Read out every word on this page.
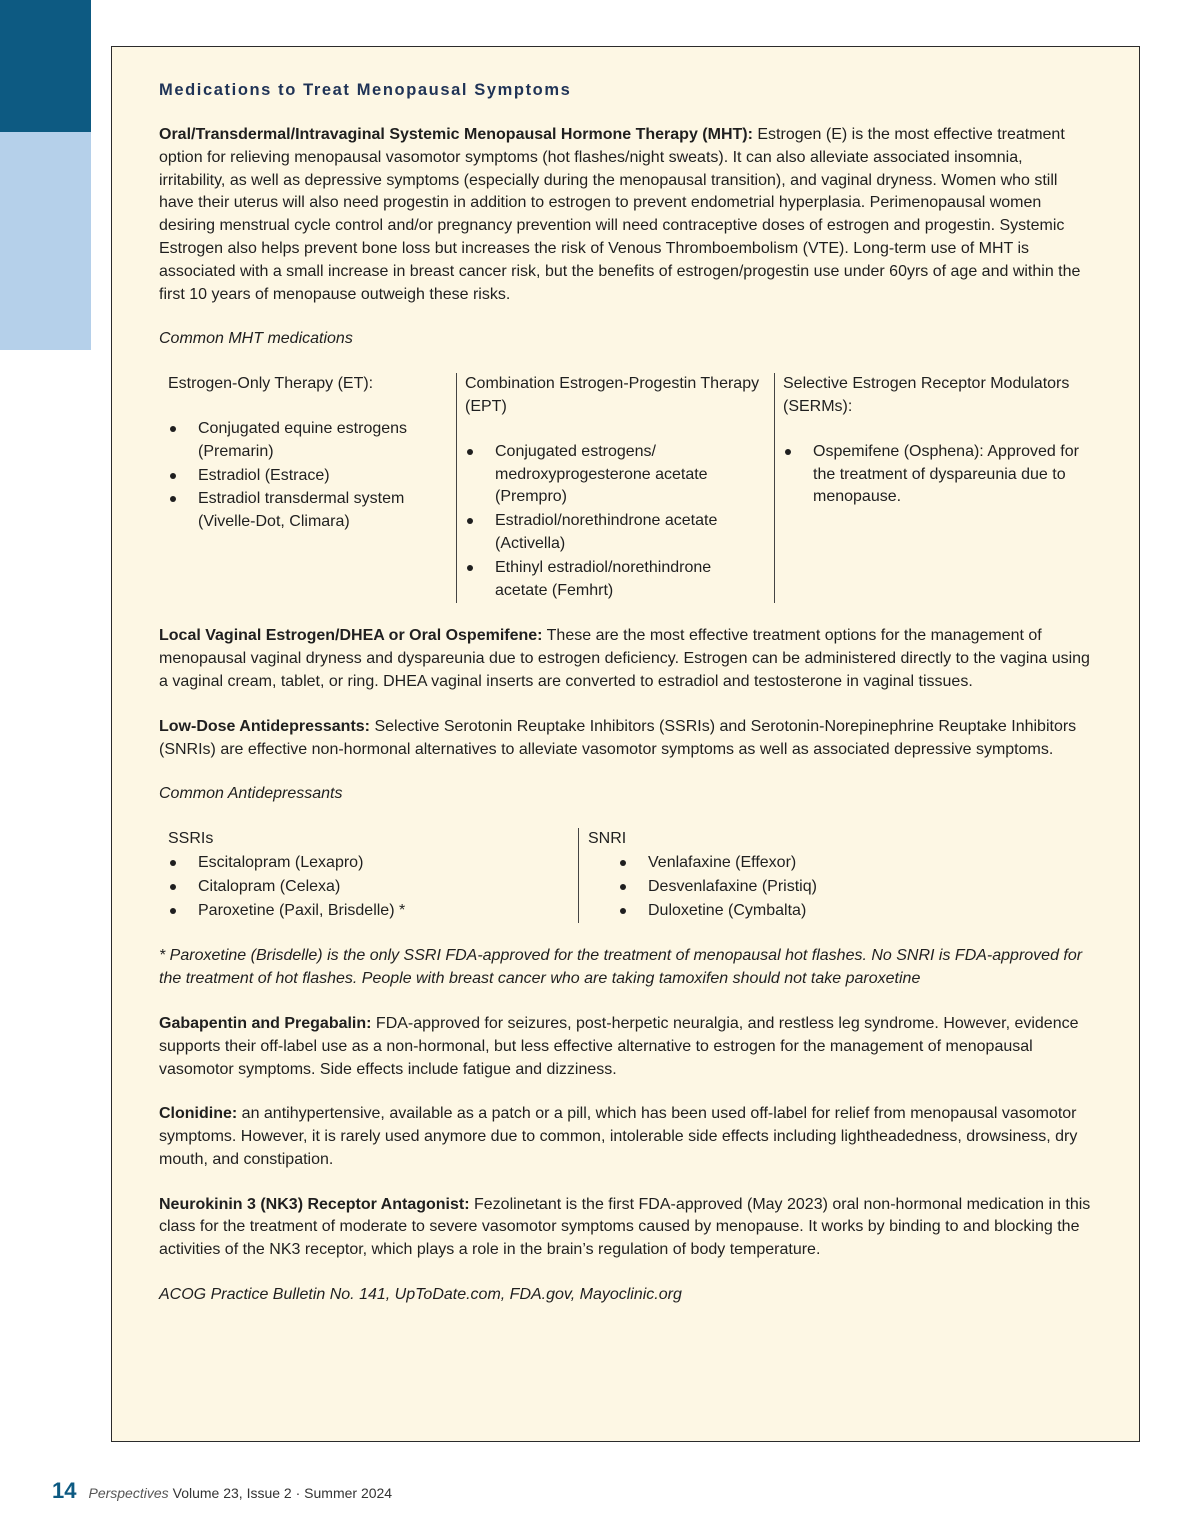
Medications to Treat Menopausal Symptoms

Oral/Transdermal/Intravaginal Systemic Menopausal Hormone Therapy (MHT): Estrogen (E) is the most effective treatment option for relieving menopausal vasomotor symptoms (hot flashes/night sweats). It can also alleviate associated insomnia, irritability, as well as depressive symptoms (especially during the menopausal transition), and vaginal dryness. Women who still have their uterus will also need progestin in addition to estrogen to prevent endometrial hyperplasia. Perimenopausal women desiring menstrual cycle control and/or pregnancy prevention will need contraceptive doses of estrogen and progestin. Systemic Estrogen also helps prevent bone loss but increases the risk of Venous Thromboembolism (VTE). Long-term use of MHT is associated with a small increase in breast cancer risk, but the benefits of estrogen/progestin use under 60yrs of age and within the first 10 years of menopause outweigh these risks.

Common MHT medications

Estrogen-Only Therapy (ET):
Conjugated equine estrogens (Premarin)
Estradiol (Estrace)
Estradiol transdermal system (Vivelle-Dot, Climara)
Combination Estrogen-Progestin Therapy (EPT)
Conjugated estrogens/ medroxyprogesterone acetate (Prempro)
Estradiol/norethindrone acetate (Activella)
Ethinyl estradiol/norethindrone acetate (Femhrt)
Selective Estrogen Receptor Modulators (SERMs):
Ospemifene (Osphena): Approved for the treatment of dyspareunia due to menopause.

Local Vaginal Estrogen/DHEA or Oral Ospemifene: These are the most effective treatment options for the management of menopausal vaginal dryness and dyspareunia due to estrogen deficiency. Estrogen can be administered directly to the vagina using a vaginal cream, tablet, or ring. DHEA vaginal inserts are converted to estradiol and testosterone in vaginal tissues.

Low-Dose Antidepressants: Selective Serotonin Reuptake Inhibitors (SSRIs) and Serotonin-Norepinephrine Reuptake Inhibitors (SNRIs) are effective non-hormonal alternatives to alleviate vasomotor symptoms as well as associated depressive symptoms.

Common Antidepressants

SSRIs
Escitalopram (Lexapro)
Citalopram (Celexa)
Paroxetine (Paxil, Brisdelle) *
SNRI
Venlafaxine (Effexor)
Desvenlafaxine (Pristiq)
Duloxetine (Cymbalta)

* Paroxetine (Brisdelle) is the only SSRI FDA-approved for the treatment of menopausal hot flashes. No SNRI is FDA-approved for the treatment of hot flashes. People with breast cancer who are taking tamoxifen should not take paroxetine

Gabapentin and Pregabalin: FDA-approved for seizures, post-herpetic neuralgia, and restless leg syndrome. However, evidence supports their off-label use as a non-hormonal, but less effective alternative to estrogen for the management of menopausal vasomotor symptoms. Side effects include fatigue and dizziness.

Clonidine: an antihypertensive, available as a patch or a pill, which has been used off-label for relief from menopausal vasomotor symptoms. However, it is rarely used anymore due to common, intolerable side effects including lightheadedness, drowsiness, dry mouth, and constipation.

Neurokinin 3 (NK3) Receptor Antagonist: Fezolinetant is the first FDA-approved (May 2023) oral non-hormonal medication in this class for the treatment of moderate to severe vasomotor symptoms caused by menopause. It works by binding to and blocking the activities of the NK3 receptor, which plays a role in the brain’s regulation of body temperature.

ACOG Practice Bulletin No. 141, UpToDate.com, FDA.gov, Mayoclinic.org

14 Perspectives Volume 23, Issue 2 · Summer 2024
